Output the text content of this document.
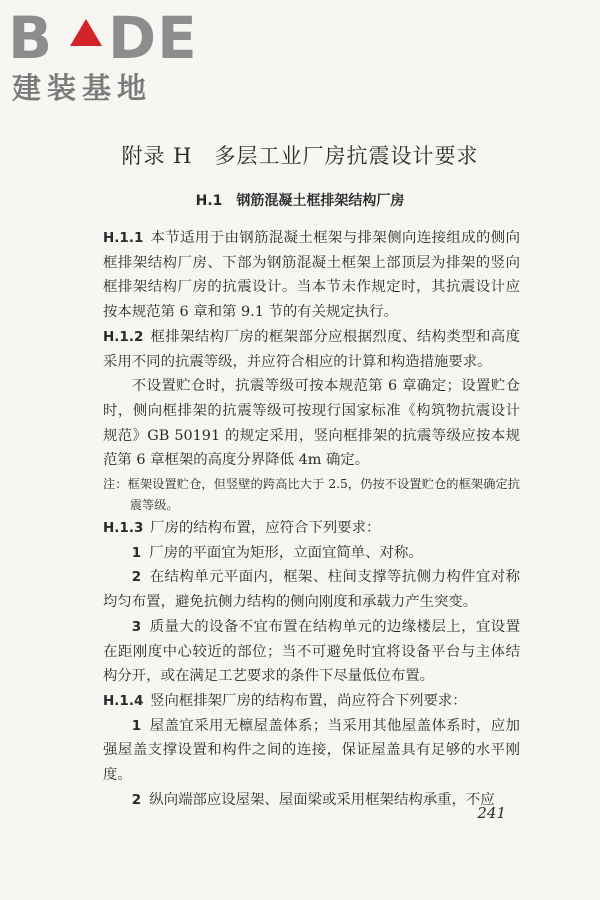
B DE
建装基地
附录 H 多层工业厂房抗震设计要求
H.1 钢筋混凝土框排架结构厂房

H.1.1 本节适用于由钢筋混凝土框架与排架侧向连接组成的侧向框排架结构厂房、下部为钢筋混凝土框架上部顶层为排架的竖向框排架结构厂房的抗震设计。当本节未作规定时，其抗震设计应按本规范第 6 章和第 9.1 节的有关规定执行。

H.1.2 框排架结构厂房的框架部分应根据烈度、结构类型和高度采用不同的抗震等级，并应符合相应的计算和构造措施要求。

不设置贮仓时，抗震等级可按本规范第 6 章确定；设置贮仓时，侧向框排架的抗震等级可按现行国家标准《构筑物抗震设计规范》GB 50191 的规定采用，竖向框排架的抗震等级应按本规范第 6 章框架的高度分界降低 4m 确定。

注：框架设置贮仓，但竖壁的跨高比大于 2.5，仍按不设置贮仓的框架确定抗震等级。

H.1.3 厂房的结构布置，应符合下列要求：

1 厂房的平面宜为矩形，立面宜简单、对称。

2 在结构单元平面内，框架、柱间支撑等抗侧力构件宜对称均匀布置，避免抗侧力结构的侧向刚度和承载力产生突变。

3 质量大的设备不宜布置在结构单元的边缘楼层上，宜设置在距刚度中心较近的部位；当不可避免时宜将设备平台与主体结构分开，或在满足工艺要求的条件下尽量低位布置。

H.1.4 竖向框排架厂房的结构布置，尚应符合下列要求：

1 屋盖宜采用无檩屋盖体系；当采用其他屋盖体系时，应加强屋盖支撑设置和构件之间的连接，保证屋盖具有足够的水平刚度。

2 纵向端部应设屋架、屋面梁或采用框架结构承重，不应

241
